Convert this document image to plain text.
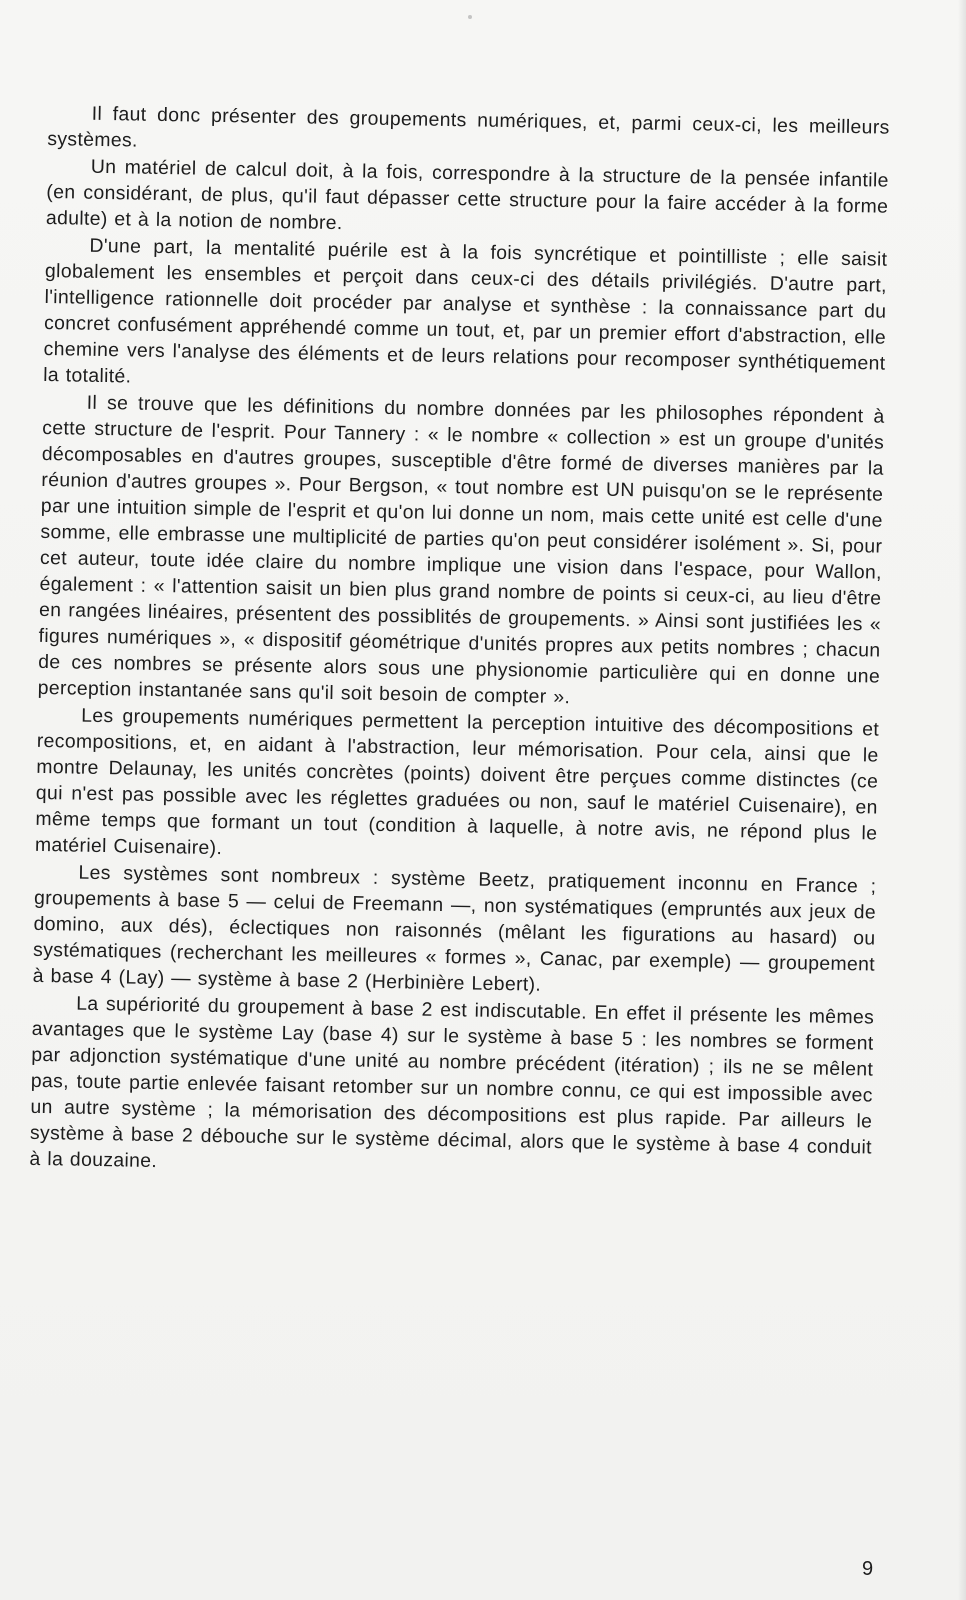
Il faut donc présenter des groupements numériques, et, parmi ceux-ci, les meilleurs systèmes.

Un matériel de calcul doit, à la fois, correspondre à la structure de la pensée infantile (en considérant, de plus, qu'il faut dépasser cette structure pour la faire accéder à la forme adulte) et à la notion de nombre.

D'une part, la mentalité puérile est à la fois syncrétique et pointilliste ; elle saisit globalement les ensembles et perçoit dans ceux-ci des détails privilégiés. D'autre part, l'intelligence rationnelle doit procéder par analyse et synthèse : la connaissance part du concret confusément appréhendé comme un tout, et, par un premier effort d'abstraction, elle chemine vers l'analyse des éléments et de leurs relations pour recomposer synthétiquement la totalité.

Il se trouve que les définitions du nombre données par les philosophes répondent à cette structure de l'esprit. Pour Tannery : « le nombre « collection » est un groupe d'unités décomposables en d'autres groupes, susceptible d'être formé de diverses manières par la réunion d'autres groupes ». Pour Bergson, « tout nombre est UN puisqu'on se le représente par une intuition simple de l'esprit et qu'on lui donne un nom, mais cette unité est celle d'une somme, elle embrasse une multiplicité de parties qu'on peut considérer isolément ». Si, pour cet auteur, toute idée claire du nombre implique une vision dans l'espace, pour Wallon, également : « l'attention saisit un bien plus grand nombre de points si ceux-ci, au lieu d'être en rangées linéaires, présentent des possiblités de groupements. » Ainsi sont justifiées les « figures numériques », « dispositif géométrique d'unités propres aux petits nombres ; chacun de ces nombres se présente alors sous une physionomie particulière qui en donne une perception instantanée sans qu'il soit besoin de compter ».

Les groupements numériques permettent la perception intuitive des décompositions et recompositions, et, en aidant à l'abstraction, leur mémorisation. Pour cela, ainsi que le montre Delaunay, les unités concrètes (points) doivent être perçues comme distinctes (ce qui n'est pas possible avec les réglettes graduées ou non, sauf le matériel Cuisenaire), en même temps que formant un tout (condition à laquelle, à notre avis, ne répond plus le matériel Cuisenaire).

Les systèmes sont nombreux : système Beetz, pratiquement inconnu en France ; groupements à base 5 — celui de Freemann —, non systématiques (empruntés aux jeux de domino, aux dés), éclectiques non raisonnés (mêlant les figurations au hasard) ou systématiques (recherchant les meilleures « formes », Canac, par exemple) — groupement à base 4 (Lay) — système à base 2 (Herbinière Lebert).

La supériorité du groupement à base 2 est indiscutable. En effet il présente les mêmes avantages que le système Lay (base 4) sur le système à base 5 : les nombres se forment par adjonction systématique d'une unité au nombre précédent (itération) ; ils ne se mêlent pas, toute partie enlevée faisant retomber sur un nombre connu, ce qui est impossible avec un autre système ; la mémorisation des décompositions est plus rapide. Par ailleurs le système à base 2 débouche sur le système décimal, alors que le système à base 4 conduit à la douzaine.

9
